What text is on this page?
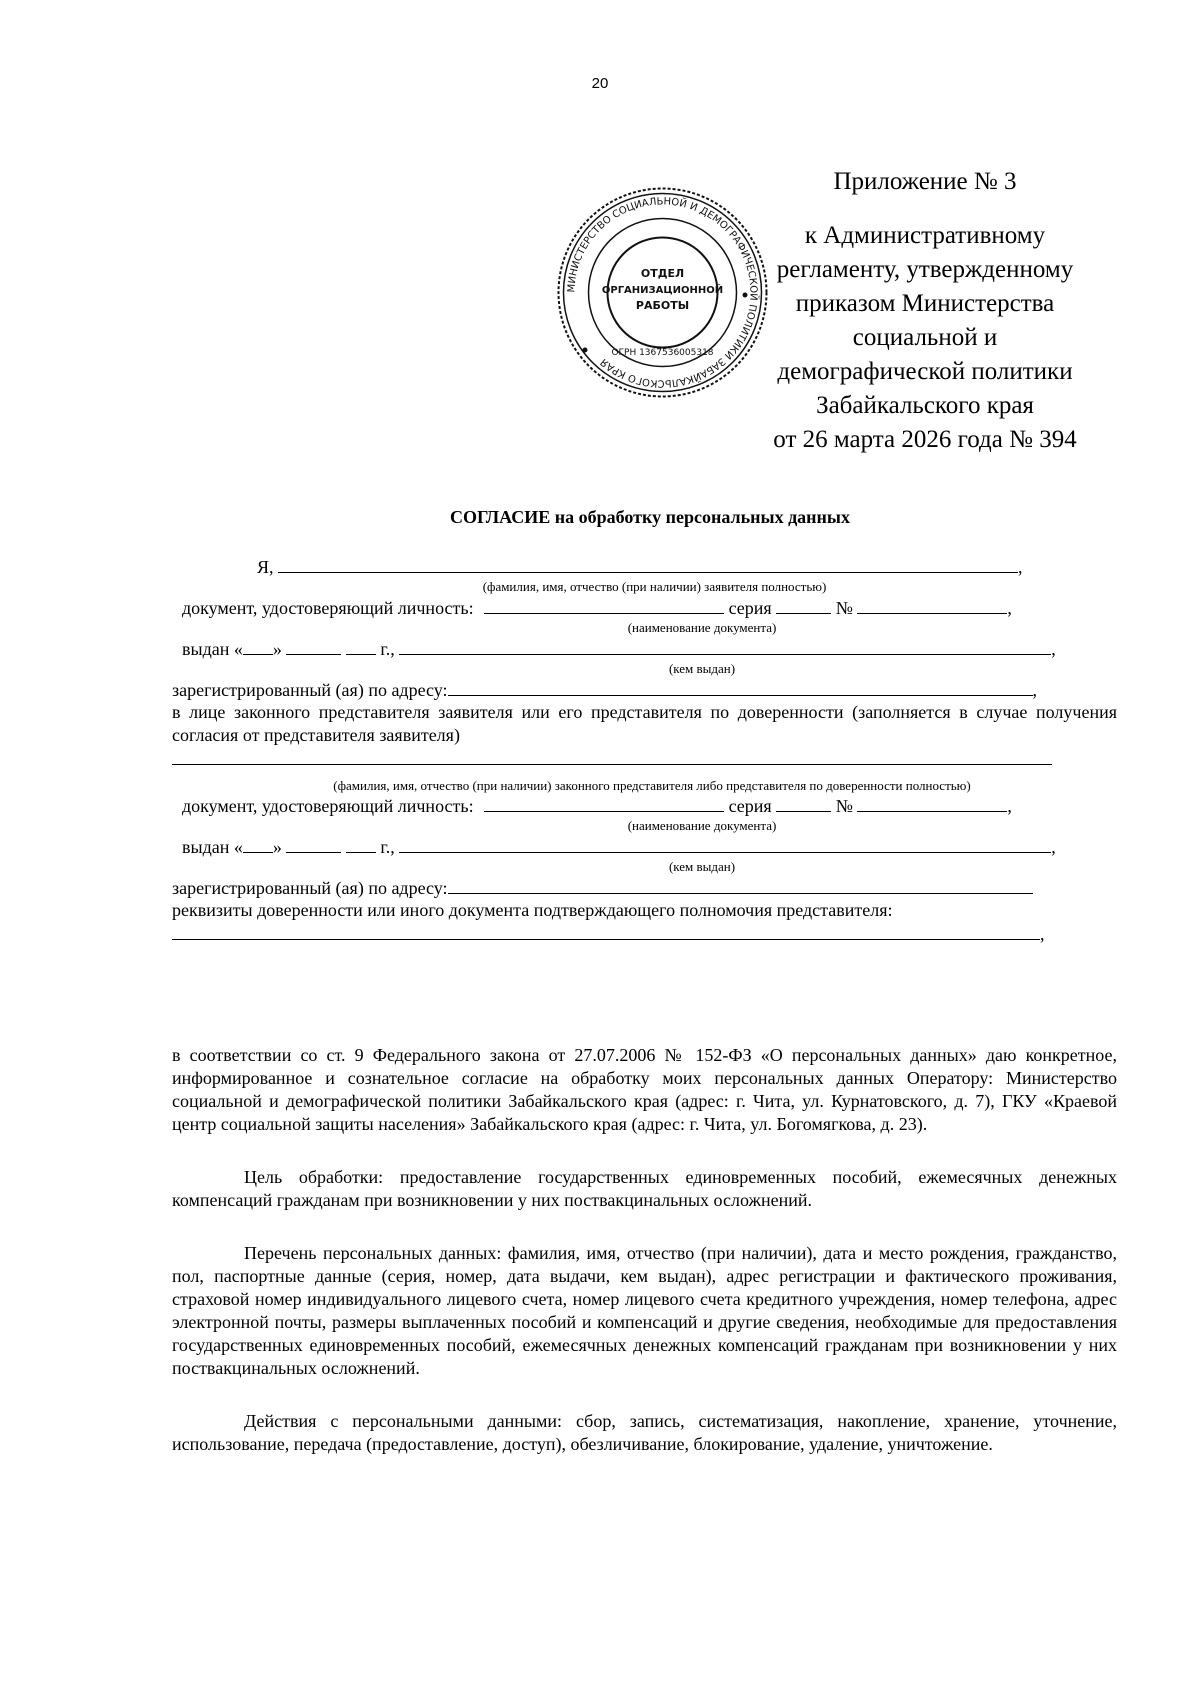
20
МИНИСТЕРСТВО СОЦИАЛЬНОЙ И ДЕМОГРАФИЧЕСКОЙ ПОЛИТИКИ ЗАБАЙКАЛЬСКОГО КРАЯ
ОТДЕЛ
ОРГАНИЗАЦИОННОЙ
РАБОТЫ
ОГРН 1367536005318
Приложение № 3
к Административному
регламенту, утвержденному
приказом Министерства
социальной и
демографической политики
Забайкальского края
от 26 марта 2026 года № 394
СОГЛАСИЕ на обработку персональных данных
Я,	,
(фамилия, имя, отчество (при наличии) заявителя полностью)
документ, удостоверяющий личность:	серия	№	,
(наименование документа)
выдан « »	г.,	,
(кем выдан)
зарегистрированный (ая) по адресу:	,
в лице законного представителя заявителя или его представителя по доверенности (заполняется в случае получения согласия от представителя заявителя)
(фамилия, имя, отчество (при наличии) законного представителя либо представителя по доверенности полностью)
документ, удостоверяющий личность:	серия	№	,
(наименование документа)
выдан « »	г.,	,
(кем выдан)
зарегистрированный (ая) по адресу:
реквизиты доверенности или иного документа подтверждающего полномочия представителя:
,

в соответствии со ст. 9 Федерального закона от 27.07.2006 № 152-ФЗ «О персональных данных» даю конкретное, информированное и сознательное согласие на обработку моих персональных данных Оператору: Министерство социальной и демографической политики Забайкальского края (адрес: г. Чита, ул. Курнатовского, д. 7), ГКУ «Краевой центр социальной защиты населения» Забайкальского края (адрес: г. Чита, ул. Богомягкова, д. 23).

Цель обработки: предоставление государственных единовременных пособий, ежемесячных денежных компенсаций гражданам при возникновении у них поствакцинальных осложнений.

Перечень персональных данных: фамилия, имя, отчество (при наличии), дата и место рождения, гражданство, пол, паспортные данные (серия, номер, дата выдачи, кем выдан), адрес регистрации и фактического проживания, страховой номер индивидуального лицевого счета, номер лицевого счета кредитного учреждения, номер телефона, адрес электронной почты, размеры выплаченных пособий и компенсаций и другие сведения, необходимые для предоставления государственных единовременных пособий, ежемесячных денежных компенсаций гражданам при возникновении у них поствакцинальных осложнений.

Действия с персональными данными: сбор, запись, систематизация, накопление, хранение, уточнение, использование, передача (предоставление, доступ), обезличивание, блокирование, удаление, уничтожение.
